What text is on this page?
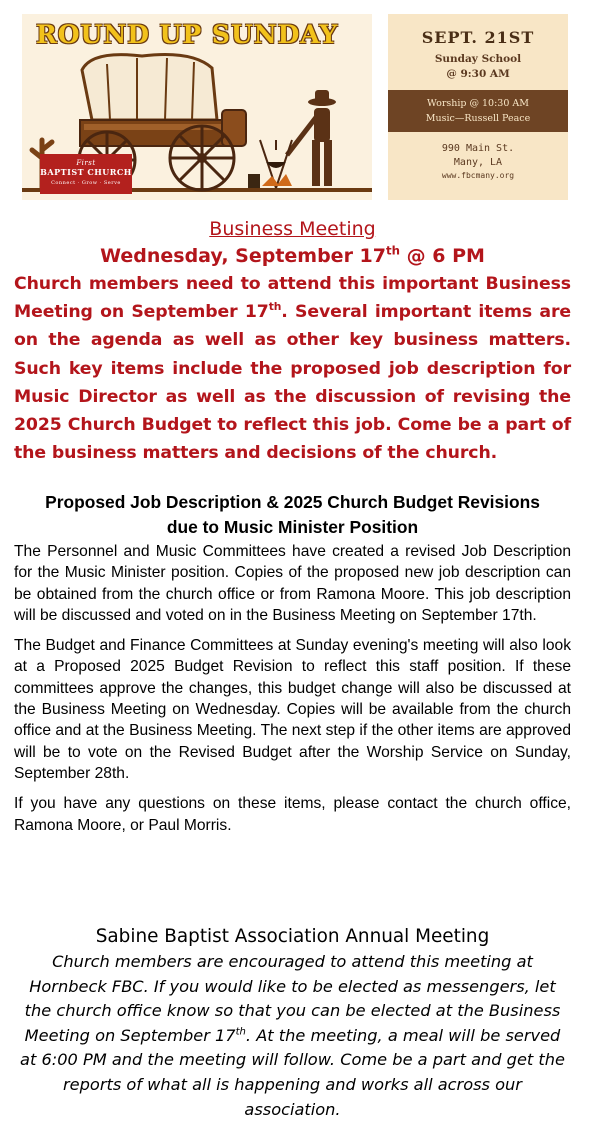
ROUND UP SUNDAY
First
BAPTIST CHURCH
Connect · Grow · Serve
SEPT. 21ST
Sunday School
@ 9:30 AM
Worship @ 10:30 AM
Music—Russell Peace
990 Main St.
Many, LA
www.fbcmany.org
Business Meeting
Wednesday, September 17th @ 6 PM

Church members need to attend this important Business Meeting on September 17th. Several important items are on the agenda as well as other key business matters. Such key items include the proposed job description for Music Director as well as the discussion of revising the 2025 Church Budget to reflect this job. Come be a part of the business matters and decisions of the church.

Proposed Job Description & 2025 Church Budget Revisions
due to Music Minister Position

The Personnel and Music Committees have created a revised Job Description for the Music Minister position. Copies of the proposed new job description can be obtained from the church office or from Ramona Moore. This job description will be discussed and voted on in the Business Meeting on September 17th.

The Budget and Finance Committees at Sunday evening's meeting will also look at a Proposed 2025 Budget Revision to reflect this staff position. If these committees approve the changes, this budget change will also be discussed at the Business Meeting on Wednesday. Copies will be available from the church office and at the Business Meeting. The next step if the other items are approved will be to vote on the Revised Budget after the Worship Service on Sunday, September 28th.

If you have any questions on these items, please contact the church office, Ramona Moore, or Paul Morris.

Sabine Baptist Association Annual Meeting

Church members are encouraged to attend this meeting at Hornbeck FBC. If you would like to be elected as messengers, let the church office know so that you can be elected at the Business Meeting on September 17th. At the meeting, a meal will be served at 6:00 PM and the meeting will follow. Come be a part and get the reports of what all is happening and works all across our association.
